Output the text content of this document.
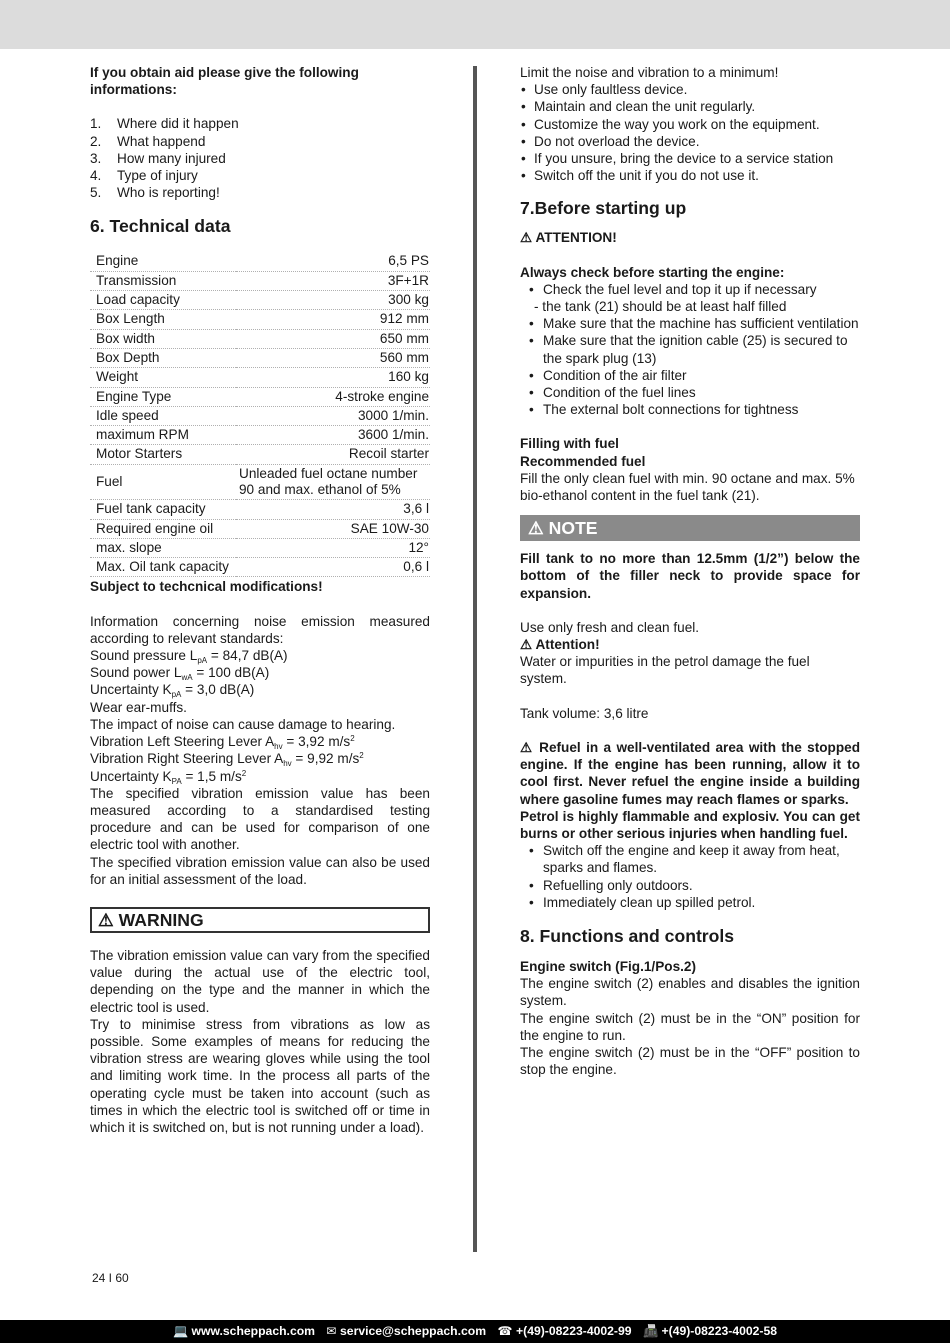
If you obtain aid please give the following informations:

1. Where did it happen
2. What happend
3. How many injured
4. Type of injury
5. Who is reporting!
6. Technical data
Engine	6,5 PS
Transmission	3F+1R
Load capacity	300 kg
Box Length	912 mm
Box width	650 mm
Box Depth	560 mm
Weight	160 kg
Engine Type	4-stroke engine
Idle speed	3000 1/min.
maximum RPM	3600 1/min.
Motor Starters	Recoil starter
Fuel	Unleaded fuel octane number 90 and max. ethanol of 5%
Fuel tank capacity	3,6 l
Required engine oil	SAE 10W-30
max. slope	12°
Max. Oil tank capacity	0,6 l

Subject to techcnical modifications!

Information concerning noise emission measured according to relevant standards:

Sound pressure $L_{pA} = 84,7$ dB(A)

Sound power $L_{wA} = 100$ dB(A)

Uncertainty $K_{pA} = 3,0$ dB(A)

Wear ear-muffs.

The impact of noise can cause damage to hearing.

Vibration Left Steering Lever $A_{hv} = 3,92$ $m/s^2$

Vibration Right Steering Lever $A_{hv} = 9,92$ $m/s^2$

Uncertainty $K_{PA} = 1,5$ $m/s^2$

The specified vibration emission value has been measured according to a standardised testing procedure and can be used for comparison of one electric tool with another.

The specified vibration emission value can also be used for an initial assessment of the load.

⚠ WARNING

The vibration emission value can vary from the specified value during the actual use of the electric tool, depending on the type and the manner in which the electric tool is used.

Try to minimise stress from vibrations as low as possible. Some examples of means for reducing the vibration stress are wearing gloves while using the tool and limiting work time. In the process all parts of the operating cycle must be taken into account (such as times in which the electric tool is switched off or time in which it is switched on, but is not running under a load).

Limit the noise and vibration to a minimum!

• Use only faultless device.
• Maintain and clean the unit regularly.
• Customize the way you work on the equipment.
• Do not overload the device.
• If you unsure, bring the device to a service station
• Switch off the unit if you do not use it.
7.Before starting up

⚠ ATTENTION!

Always check before starting the engine:

• Check the fuel level and top it up if necessary
- the tank (21) should be at least half filled
• Make sure that the machine has sufficient ventilation
• Make sure that the ignition cable (25) is secured to the spark plug (13)
• Condition of the air filter
• Condition of the fuel lines
• The external bolt connections for tightness

Filling with fuel

Recommended fuel

Fill the only clean fuel with min. 90 octane and max. 5% bio-ethanol content in the fuel tank (21).

⚠ NOTE

Fill tank to no more than 12.5mm (1/2”) below the bottom of the filler neck to provide space for expansion.

Use only fresh and clean fuel.

⚠ Attention!

Water or impurities in the petrol damage the fuel system.

Tank volume: 3,6 litre

⚠ Refuel in a well-ventilated area with the stopped engine. If the engine has been running, allow it to cool first. Never refuel the engine inside a building where gasoline fumes may reach flames or sparks.

Petrol is highly flammable and explosiv. You can get burns or other serious injuries when handling fuel.

• Switch off the engine and keep it away from heat, sparks and flames.
• Refuelling only outdoors.
• Immediately clean up spilled petrol.
8. Functions and controls

Engine switch (Fig.1/Pos.2)

The engine switch (2) enables and disables the ignition system.

The engine switch (2) must be in the “ON” position for the engine to run.

The engine switch (2) must be in the “OFF” position to stop the engine.

24 I 60
💻 www.scheppach.com ✉ service@scheppach.com ☎ +(49)-08223-4002-99 📠 +(49)-08223-4002-58
